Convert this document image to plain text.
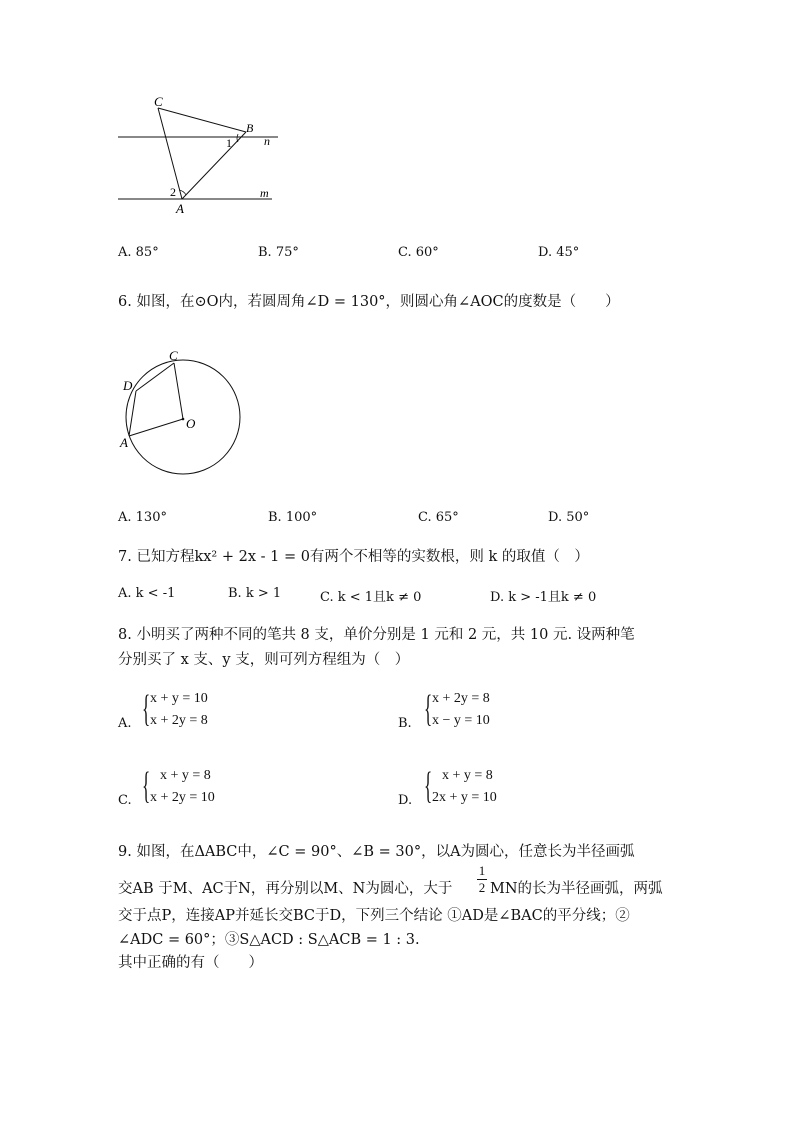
C
B
n
m
A
1
2
A. 85°	B. 75°	C. 60°	D. 45°
6. 如图，在⊙O内，若圆周角∠D = 130°，则圆心角∠AOC的度数是（　　）
C
D
A
O
A. 130°	B. 100°	C. 65°	D. 50°
7. 已知方程kx² + 2x - 1 = 0有两个不相等的实数根，则 k 的取值（　）
A. k < -1	B. k > 1	C. k < 1且k ≠ 0	D. k > -1且k ≠ 0
8. 小明买了两种不同的笔共 8 支，单价分别是 1 元和 2 元，共 10 元. 设两种笔
分别买了 x 支、y 支，则可列方程组为（　）
A. { x + y = 10
x + 2y = 8	B. { x + 2y = 8
x − y = 10
C. { x + y = 8
x + 2y = 10	D. { x + y = 8
2x + y = 10
9. 如图，在ΔABC中，∠C = 90°、∠B = 30°，以A为圆心，任意长为半径画弧
交AB 于M、AC于N，再分别以M、N为圆心，大于
1
2 MN的长为半径画弧，两弧
交于点P，连接AP并延长交BC于D，下列三个结论 ①AD是∠BAC的平分线；②
∠ADC = 60°；③S△ACD : S△ACB = 1 : 3.
其中正确的有（　　）
